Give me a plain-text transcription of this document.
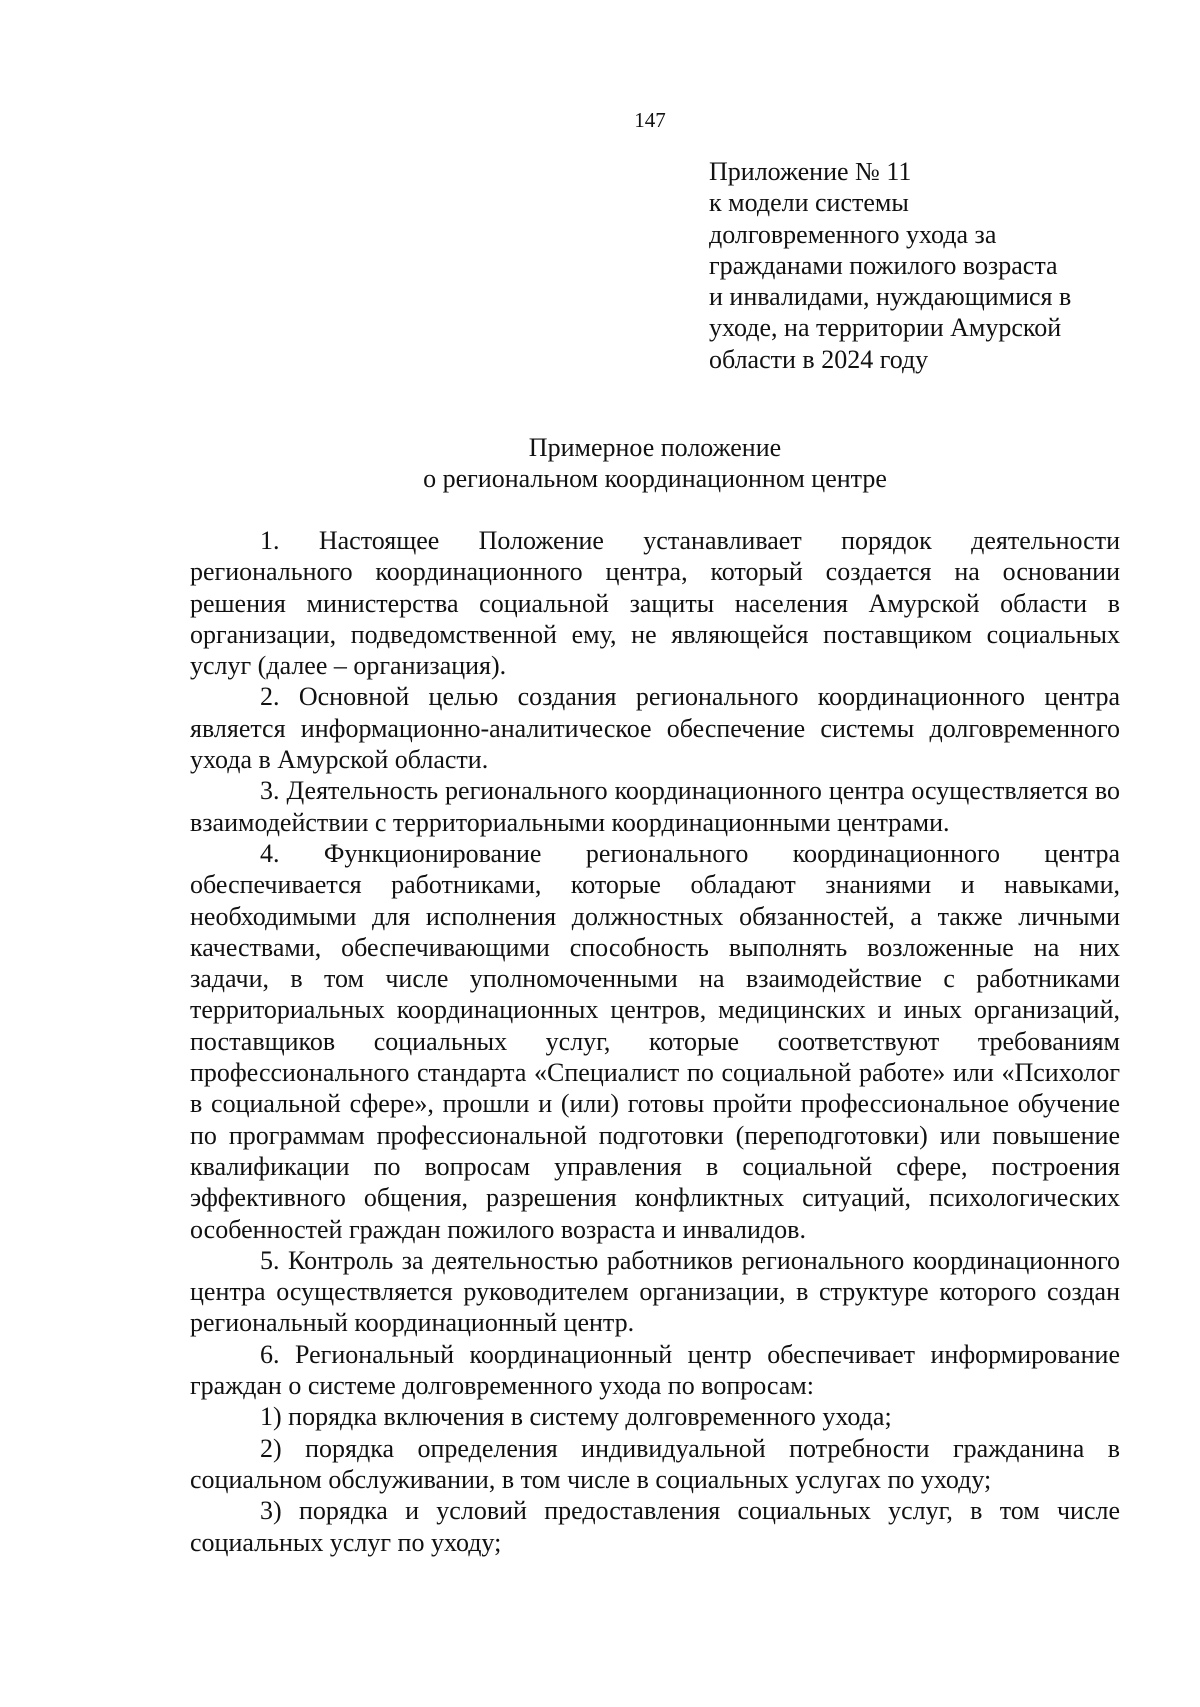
147
Приложение № 11
к модели системы
долговременного ухода за
гражданами пожилого возраста
и инвалидами, нуждающимися в
уходе, на территории Амурской
области в 2024 году
Примерное положение
о региональном координационном центре

1. Настоящее Положение устанавливает порядок деятельности регионального координационного центра, который создается на основании решения министерства социальной защиты населения Амурской области в организации, подведомственной ему, не являющейся поставщиком социальных услуг (далее – организация).

2. Основной целью создания регионального координационного центра является информационно-аналитическое обеспечение системы долговременного ухода в Амурской области.

3. Деятельность регионального координационного центра осуществляется во взаимодействии с территориальными координационными центрами.

4. Функционирование регионального координационного центра обеспечивается работниками, которые обладают знаниями и навыками, необходимыми для исполнения должностных обязанностей, а также личными качествами, обеспечивающими способность выполнять возложенные на них задачи, в том числе уполномоченными на взаимодействие с работниками территориальных координационных центров, медицинских и иных организаций, поставщиков социальных услуг, которые соответствуют требованиям профессионального стандарта «Специалист по социальной работе» или «Психолог в социальной сфере», прошли и (или) готовы пройти профессиональное обучение по программам профессиональной подготовки (переподготовки) или повышение квалификации по вопросам управления в социальной сфере, построения эффективного общения, разрешения конфликтных ситуаций, психологических особенностей граждан пожилого возраста и инвалидов.

5. Контроль за деятельностью работников регионального координационного центра осуществляется руководителем организации, в структуре которого создан региональный координационный центр.

6. Региональный координационный центр обеспечивает информирование граждан о системе долговременного ухода по вопросам:

1) порядка включения в систему долговременного ухода;

2) порядка определения индивидуальной потребности гражданина в социальном обслуживании, в том числе в социальных услугах по уходу;

3) порядка и условий предоставления социальных услуг, в том числе социальных услуг по уходу;
